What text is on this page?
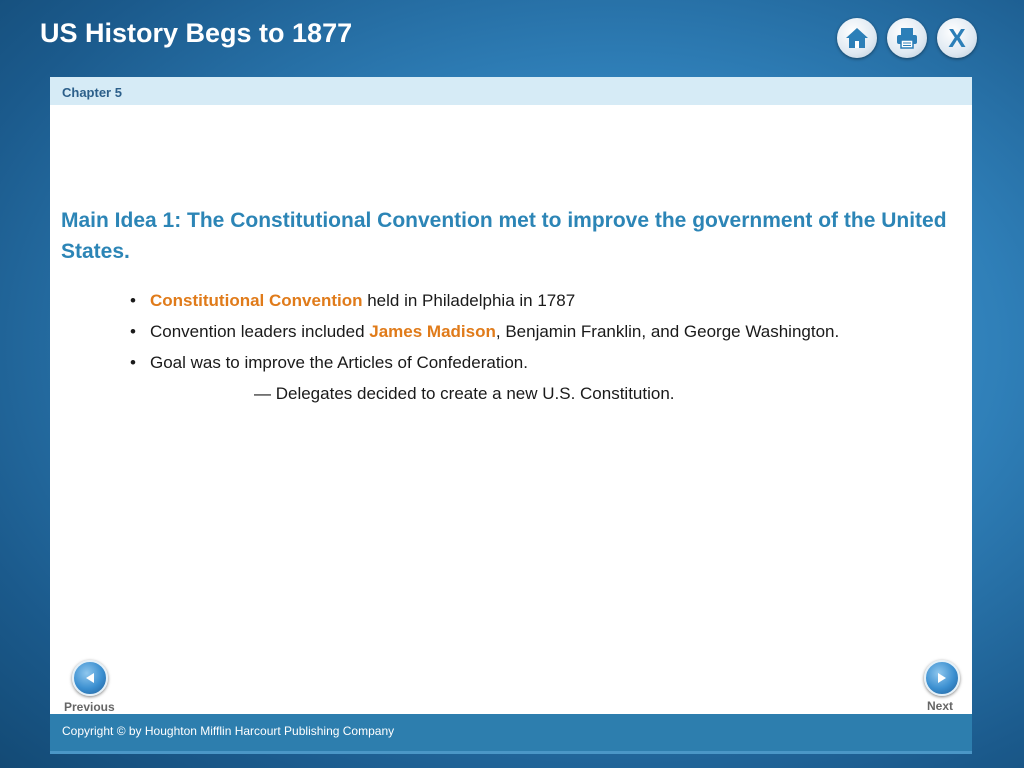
US History Begs to 1877	X
Chapter 5
Main Idea 1: The Constitutional Convention met to improve the government of the United States.
• Constitutional Convention held in Philadelphia in 1787
• Convention leaders included James Madison, Benjamin Franklin, and George Washington.
• Goal was to improve the Articles of Confederation.
— Delegates decided to create a new U.S. Constitution.
Previous	Next
Copyright © by Houghton Mifflin Harcourt Publishing Company
